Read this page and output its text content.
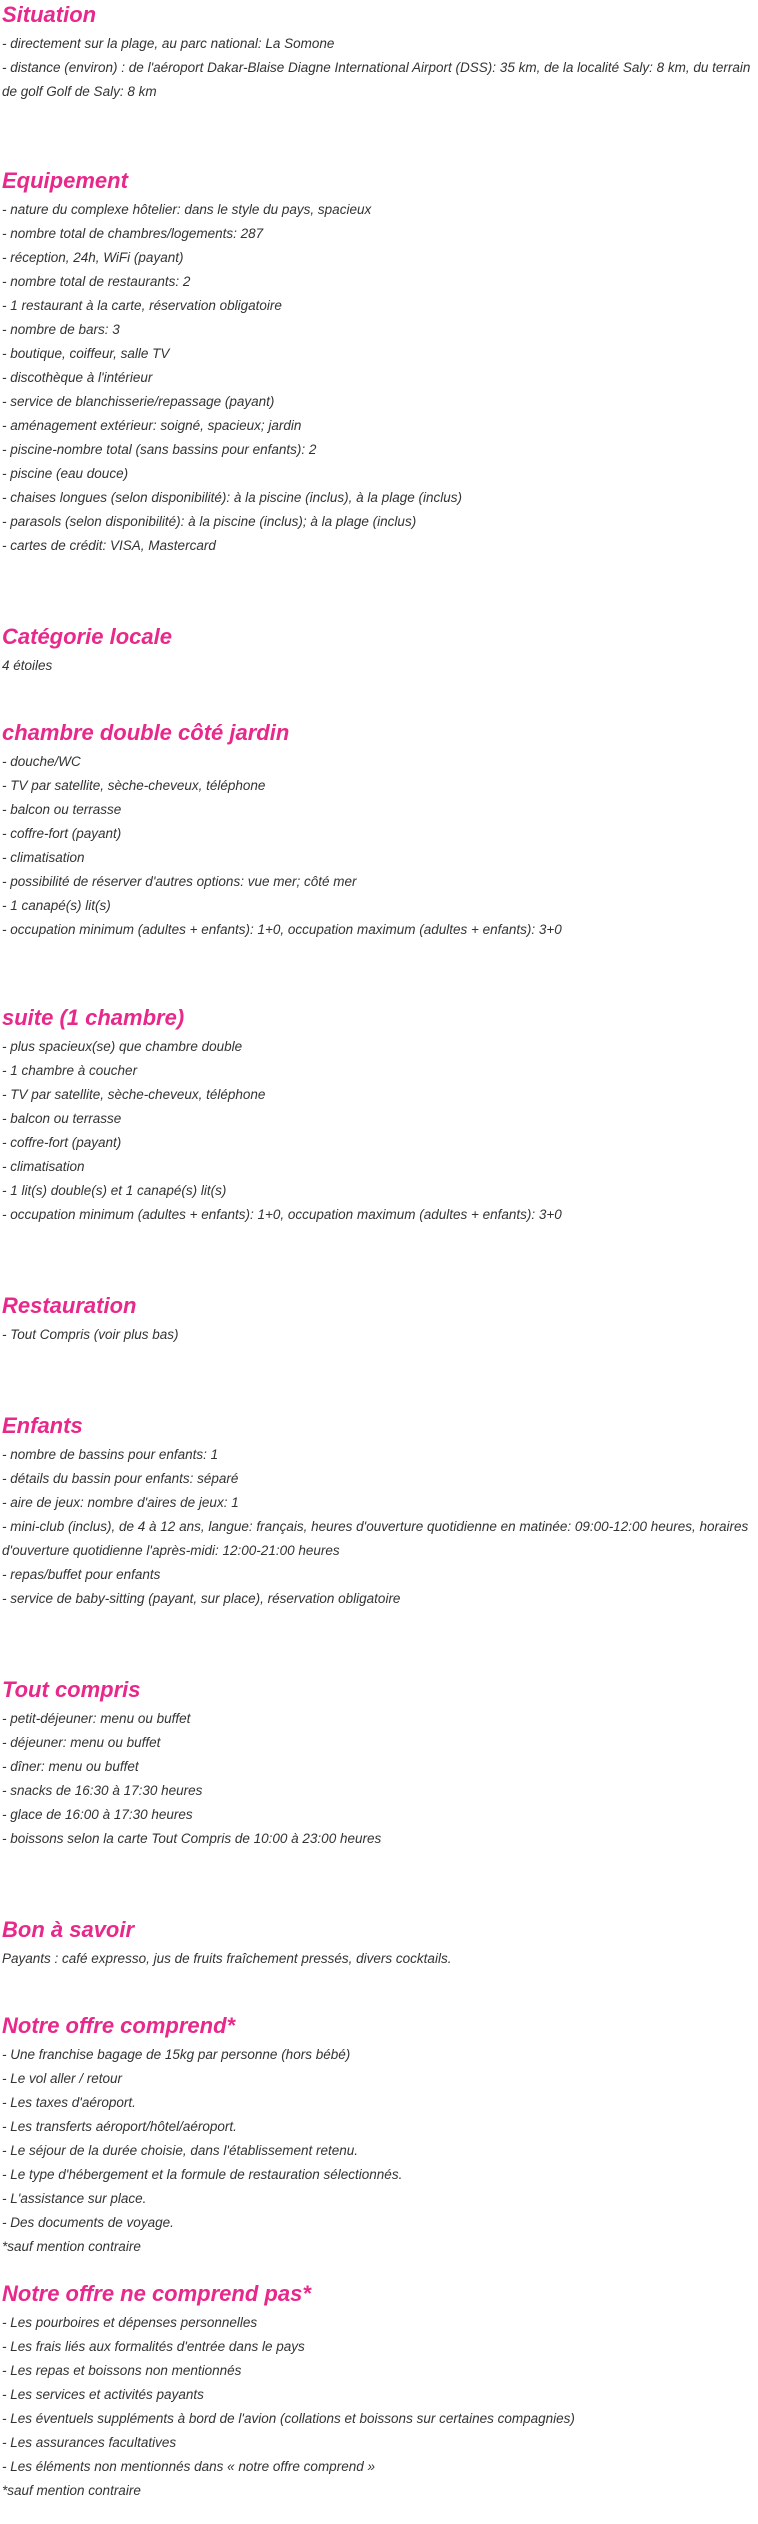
Situation

- directement sur la plage, au parc national: La Somone

- distance (environ) : de l'aéroport Dakar-Blaise Diagne International Airport (DSS): 35 km, de la localité Saly: 8 km, du terrain de golf Golf de Saly: 8 km

Equipement

- nature du complexe hôtelier: dans le style du pays, spacieux

- nombre total de chambres/logements: 287

- réception, 24h, WiFi (payant)

- nombre total de restaurants: 2

- 1 restaurant à la carte, réservation obligatoire

- nombre de bars: 3

- boutique, coiffeur, salle TV

- discothèque à l'intérieur

- service de blanchisserie/repassage (payant)

- aménagement extérieur: soigné, spacieux; jardin

- piscine-nombre total (sans bassins pour enfants): 2

- piscine (eau douce)

- chaises longues (selon disponibilité): à la piscine (inclus), à la plage (inclus)

- parasols (selon disponibilité): à la piscine (inclus); à la plage (inclus)

- cartes de crédit: VISA, Mastercard

Catégorie locale

4 étoiles

chambre double côté jardin

- douche/WC

- TV par satellite, sèche-cheveux, téléphone

- balcon ou terrasse

- coffre-fort (payant)

- climatisation

- possibilité de réserver d'autres options: vue mer; côté mer

- 1 canapé(s) lit(s)

- occupation minimum (adultes + enfants): 1+0, occupation maximum (adultes + enfants): 3+0

suite (1 chambre)

- plus spacieux(se) que chambre double

- 1 chambre à coucher

- TV par satellite, sèche-cheveux, téléphone

- balcon ou terrasse

- coffre-fort (payant)

- climatisation

- 1 lit(s) double(s) et 1 canapé(s) lit(s)

- occupation minimum (adultes + enfants): 1+0, occupation maximum (adultes + enfants): 3+0

Restauration

- Tout Compris (voir plus bas)

Enfants

- nombre de bassins pour enfants: 1

- détails du bassin pour enfants: séparé

- aire de jeux: nombre d'aires de jeux: 1

- mini-club (inclus), de 4 à 12 ans, langue: français, heures d'ouverture quotidienne en matinée: 09:00-12:00 heures, horaires d'ouverture quotidienne l'après-midi: 12:00-21:00 heures

- repas/buffet pour enfants

- service de baby-sitting (payant, sur place), réservation obligatoire

Tout compris

- petit-déjeuner: menu ou buffet

- déjeuner: menu ou buffet

- dîner: menu ou buffet

- snacks de 16:30 à 17:30 heures

- glace de 16:00 à 17:30 heures

- boissons selon la carte Tout Compris de 10:00 à 23:00 heures

Bon à savoir

Payants : café expresso, jus de fruits fraîchement pressés, divers cocktails.

Notre offre comprend*

- Une franchise bagage de 15kg par personne (hors bébé)

- Le vol aller / retour

- Les taxes d'aéroport.

- Les transferts aéroport/hôtel/aéroport.

- Le séjour de la durée choisie, dans l'établissement retenu.

- Le type d'hébergement et la formule de restauration sélectionnés.

- L'assistance sur place.

- Des documents de voyage.

*sauf mention contraire

Notre offre ne comprend pas*

- Les pourboires et dépenses personnelles

- Les frais liés aux formalités d'entrée dans le pays

- Les repas et boissons non mentionnés

- Les services et activités payants

- Les éventuels suppléments à bord de l'avion (collations et boissons sur certaines compagnies)

- Les assurances facultatives

- Les éléments non mentionnés dans « notre offre comprend »

*sauf mention contraire
